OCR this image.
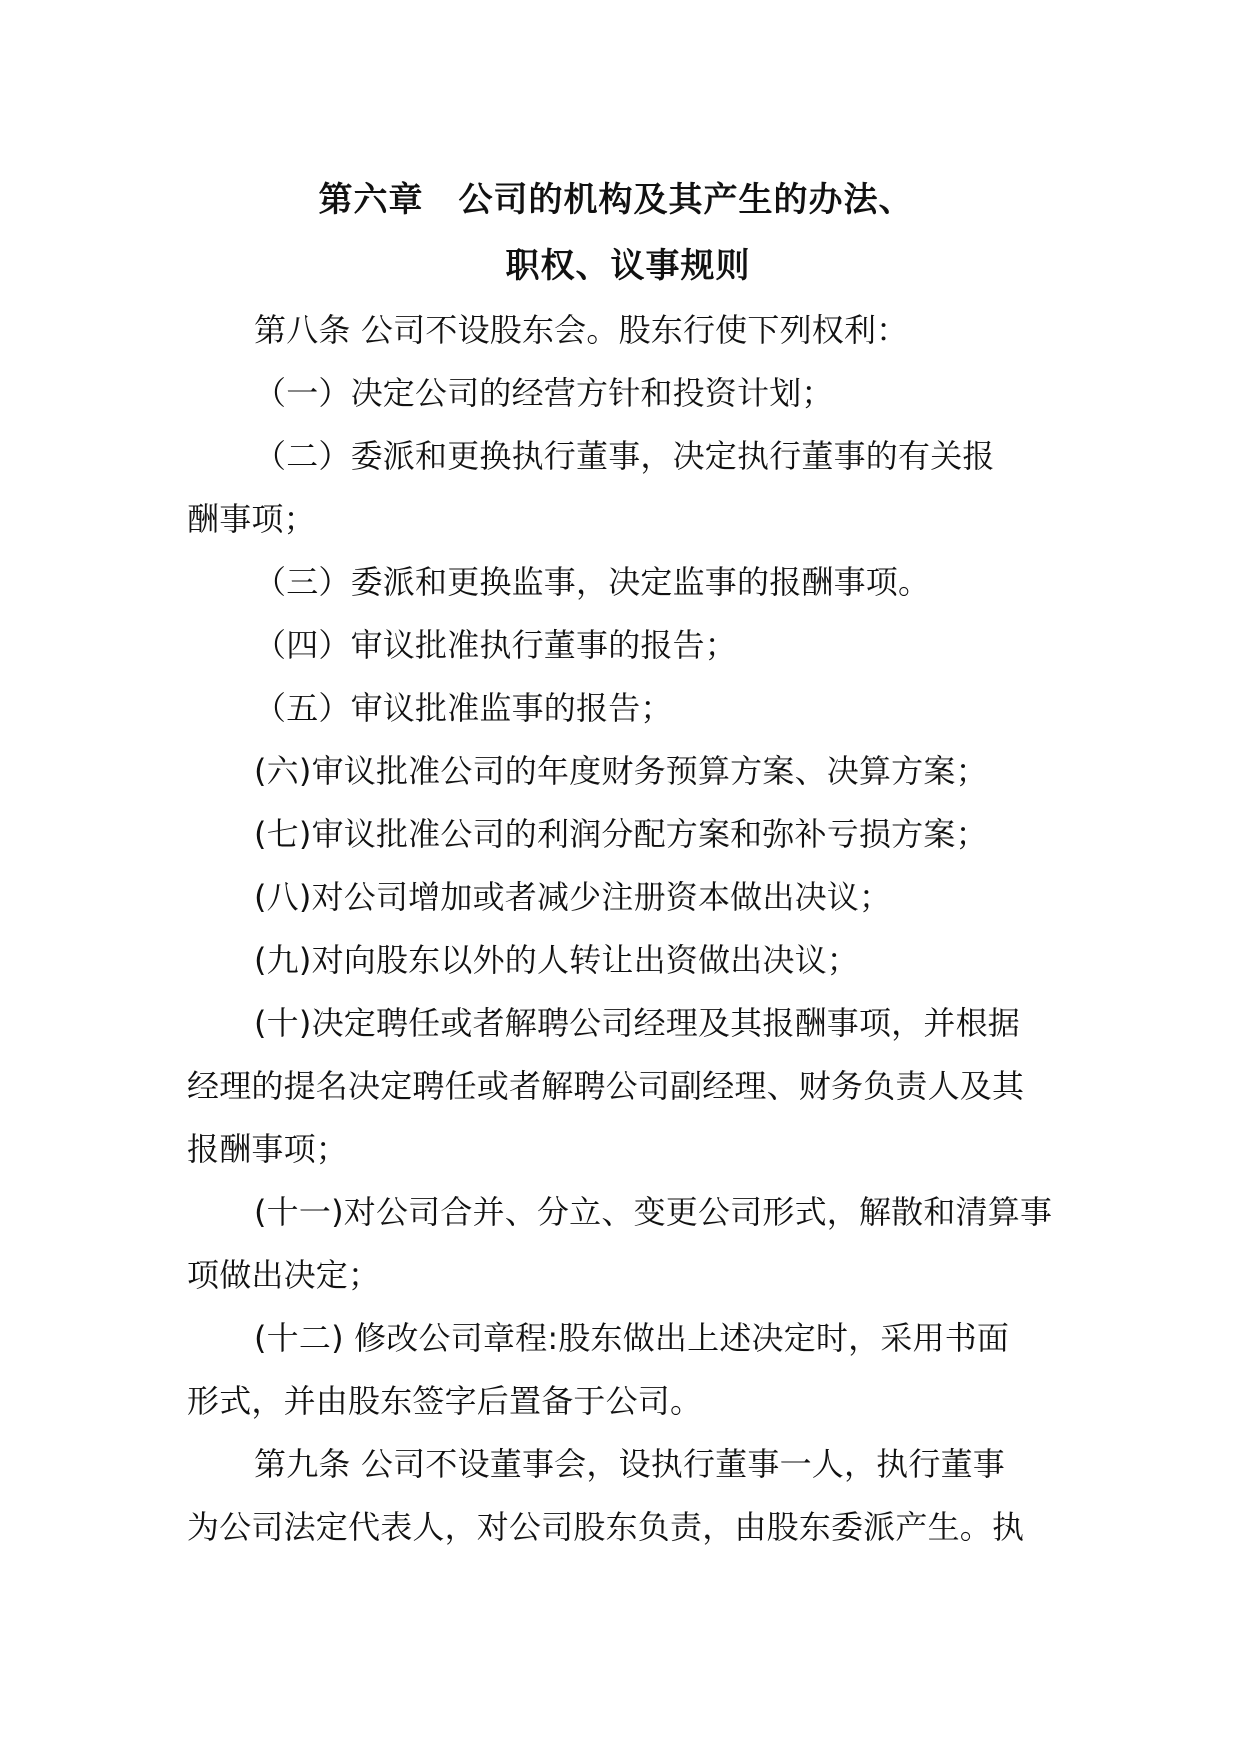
第六章　公司的机构及其产生的办法、
职权、议事规则
第八条 公司不设股东会。股东行使下列权利：
（一）决定公司的经营方针和投资计划；
（二）委派和更换执行董事，决定执行董事的有关报
酬事项；
（三）委派和更换监事，决定监事的报酬事项。
（四）审议批准执行董事的报告；
（五）审议批准监事的报告；
(六)审议批准公司的年度财务预算方案、决算方案；
(七)审议批准公司的利润分配方案和弥补亏损方案；
(八)对公司增加或者减少注册资本做出决议；
(九)对向股东以外的人转让出资做出决议；
(十)决定聘任或者解聘公司经理及其报酬事项，并根据
经理的提名决定聘任或者解聘公司副经理、财务负责人及其
报酬事项；
(十一)对公司合并、分立、变更公司形式，解散和清算事
项做出决定；
(十二) 修改公司章程:股东做出上述决定时，采用书面
形式，并由股东签字后置备于公司。
第九条 公司不设董事会，设执行董事一人，执行董事
为公司法定代表人，对公司股东负责，由股东委派产生。执
